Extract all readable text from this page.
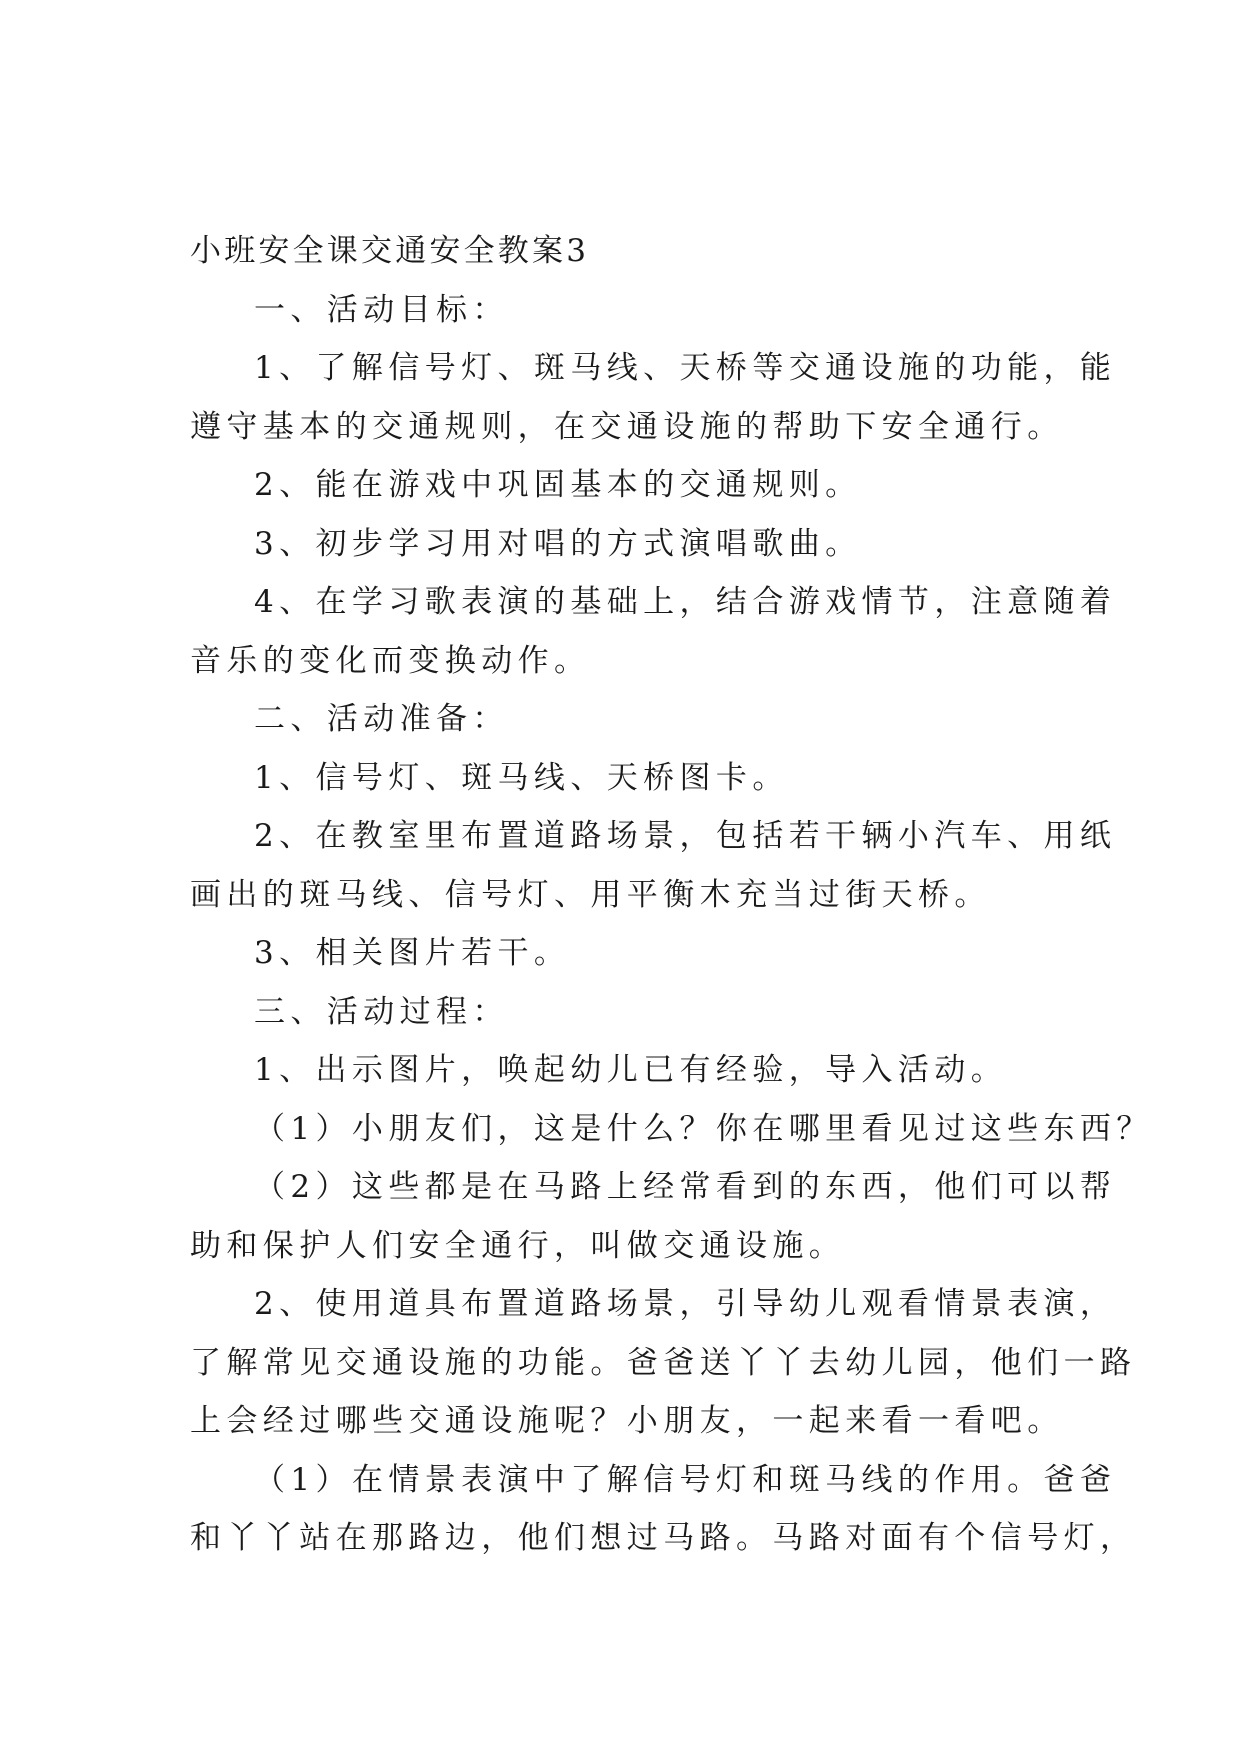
小班安全课交通安全教案3

一、活动目标：

1、了解信号灯、斑马线、天桥等交通设施的功能，能

遵守基本的交通规则，在交通设施的帮助下安全通行。

2、能在游戏中巩固基本的交通规则。

3、初步学习用对唱的方式演唱歌曲。

4、在学习歌表演的基础上，结合游戏情节，注意随着

音乐的变化而变换动作。

二、活动准备：

1、信号灯、斑马线、天桥图卡。

2、在教室里布置道路场景，包括若干辆小汽车、用纸

画出的斑马线、信号灯、用平衡木充当过街天桥。

3、相关图片若干。

三、活动过程：

1、出示图片，唤起幼儿已有经验，导入活动。

（1）小朋友们，这是什么？你在哪里看见过这些东西？

（2）这些都是在马路上经常看到的东西，他们可以帮

助和保护人们安全通行，叫做交通设施。

2、使用道具布置道路场景，引导幼儿观看情景表演，

了解常见交通设施的功能。爸爸送丫丫去幼儿园，他们一路

上会经过哪些交通设施呢？小朋友，一起来看一看吧。

（1）在情景表演中了解信号灯和斑马线的作用。爸爸

和丫丫站在那路边，他们想过马路。马路对面有个信号灯，
